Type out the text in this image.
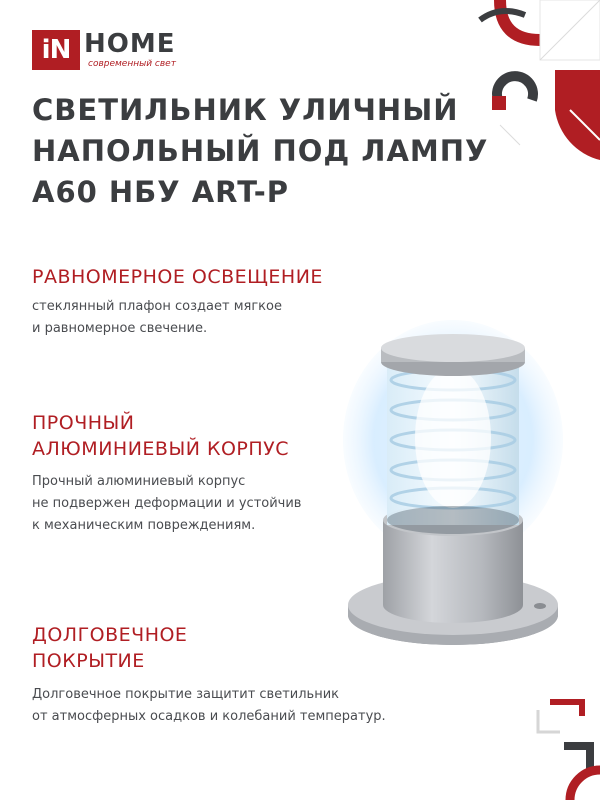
iN HOME
современный свет
СВЕТИЛЬНИК УЛИЧНЫЙ
НАПОЛЬНЫЙ ПОД ЛАМПУ
А60 НБУ ART-P
РАВНОМЕРНОЕ ОСВЕЩЕНИЕ
стеклянный плафон создает мягкое
и равномерное свечение.
ПРОЧНЫЙ
АЛЮМИНИЕВЫЙ КОРПУС
Прочный алюминиевый корпус
не подвержен деформации и устойчив
к механическим повреждениям.
ДОЛГОВЕЧНОЕ
ПОКРЫТИЕ
Долговечное покрытие защитит светильник
от атмосферных осадков и колебаний температур.
